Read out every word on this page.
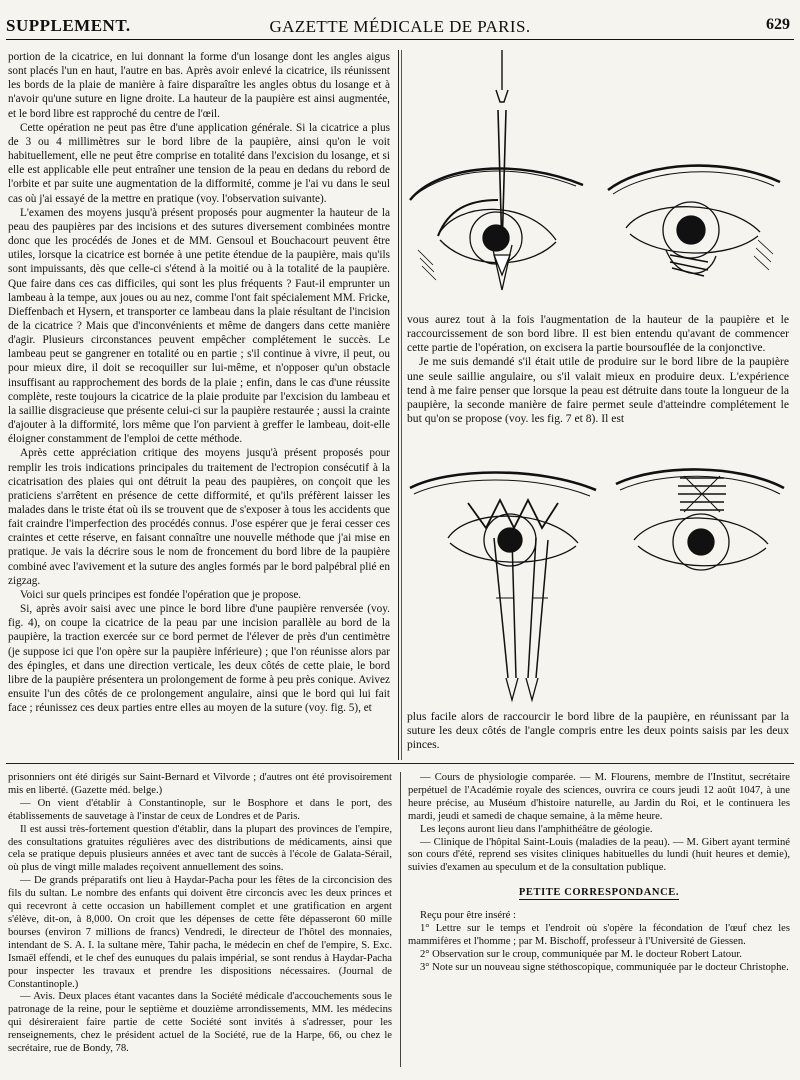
SUPPLEMENT.	GAZETTE MÉDICALE DE PARIS.	629

portion de la cicatrice, en lui donnant la forme d'un losange dont les angles aigus sont placés l'un en haut, l'autre en bas. Après avoir enlevé la cicatrice, ils réunissent les bords de la plaie de manière à faire disparaître les angles obtus du losange et à n'avoir qu'une suture en ligne droite. La hauteur de la paupière est ainsi augmentée, et le bord libre est rapproché du centre de l'œil.

Cette opération ne peut pas être d'une application générale. Si la cicatrice a plus de 3 ou 4 millimètres sur le bord libre de la paupière, ainsi qu'on le voit habituellement, elle ne peut être comprise en totalité dans l'excision du losange, et si elle est applicable elle peut entraîner une tension de la peau en dedans du rebord de l'orbite et par suite une augmentation de la difformité, comme je l'ai vu dans le seul cas où j'ai essayé de la mettre en pratique (voy. l'observation suivante).

L'examen des moyens jusqu'à présent proposés pour augmenter la hauteur de la peau des paupières par des incisions et des sutures diversement combinées montre donc que les procédés de Jones et de MM. Gensoul et Bouchacourt peuvent être utiles, lorsque la cicatrice est bornée à une petite étendue de la paupière, mais qu'ils sont impuissants, dès que celle-ci s'étend à la moitié ou à la totalité de la paupière. Que faire dans ces cas difficiles, qui sont les plus fréquents ? Faut-il emprunter un lambeau à la tempe, aux joues ou au nez, comme l'ont fait spécialement MM. Fricke, Dieffenbach et Hysern, et transporter ce lambeau dans la plaie résultant de l'incision de la cicatrice ? Mais que d'inconvénients et même de dangers dans cette manière d'agir. Plusieurs circonstances peuvent empêcher complétement le succès. Le lambeau peut se gangrener en totalité ou en partie ; s'il continue à vivre, il peut, ou pour mieux dire, il doit se recoquiller sur lui-même, et n'opposer qu'un obstacle insuffisant au rapprochement des bords de la plaie ; enfin, dans le cas d'une réussite complète, reste toujours la cicatrice de la plaie produite par l'excision du lambeau et la saillie disgracieuse que présente celui-ci sur la paupière restaurée ; aussi la crainte d'ajouter à la difformité, lors même que l'on parvient à greffer le lambeau, doit-elle éloigner constamment de l'emploi de cette méthode.

Après cette appréciation critique des moyens jusqu'à présent proposés pour remplir les trois indications principales du traitement de l'ectropion consécutif à la cicatrisation des plaies qui ont détruit la peau des paupières, on conçoit que les praticiens s'arrêtent en présence de cette difformité, et qu'ils préfèrent laisser les malades dans le triste état où ils se trouvent que de s'exposer à tous les accidents que fait craindre l'imperfection des procédés connus. J'ose espérer que je ferai cesser ces craintes et cette réserve, en faisant connaître une nouvelle méthode que j'ai mise en pratique. Je vais la décrire sous le nom de froncement du bord libre de la paupière combiné avec l'avivement et la suture des angles formés par le bord palpébral plié en zigzag.

Voici sur quels principes est fondée l'opération que je propose.

Si, après avoir saisi avec une pince le bord libre d'une paupière renversée (voy. fig. 4), on coupe la cicatrice de la peau par une incision parallèle au bord de la paupière, la traction exercée sur ce bord permet de l'élever de près d'un centimètre (je suppose ici que l'on opère sur la paupière inférieure) ; que l'on réunisse alors par des épingles, et dans une direction verticale, les deux côtés de cette plaie, le bord libre de la paupière présentera un prolongement de forme à peu près conique. Avivez ensuite l'un des côtés de ce prolongement angulaire, ainsi que le bord qui lui fait face ; réunissez ces deux parties entre elles au moyen de la suture (voy. fig. 5), et

vous aurez tout à la fois l'augmentation de la hauteur de la paupière et le raccourcissement de son bord libre. Il est bien entendu qu'avant de commencer cette partie de l'opération, on excisera la partie boursouflée de la conjonctive.

Je me suis demandé s'il était utile de produire sur le bord libre de la paupière une seule saillie angulaire, ou s'il valait mieux en produire deux. L'expérience tend à me faire penser que lorsque la peau est détruite dans toute la longueur de la paupière, la seconde manière de faire permet seule d'atteindre complétement le but qu'on se propose (voy. les fig. 7 et 8). Il est

plus facile alors de raccourcir le bord libre de la paupière, en réunissant par la suture les deux côtés de l'angle compris entre les deux points saisis par les deux pinces.

prisonniers ont été dirigés sur Saint-Bernard et Vilvorde ; d'autres ont été provisoirement mis en liberté. (Gazette méd. belge.)

— On vient d'établir à Constantinople, sur le Bosphore et dans le port, des établissements de sauvetage à l'instar de ceux de Londres et de Paris.

Il est aussi très-fortement question d'établir, dans la plupart des provinces de l'empire, des consultations gratuites régulières avec des distributions de médicaments, ainsi que cela se pratique depuis plusieurs années et avec tant de succès à l'école de Galata-Sérail, où plus de vingt mille malades reçoivent annuellement des soins.

— De grands préparatifs ont lieu à Haydar-Pacha pour les fêtes de la circoncision des fils du sultan. Le nombre des enfants qui doivent être circoncis avec les deux princes et qui recevront à cette occasion un habillement complet et une gratification en argent s'élève, dit-on, à 8,000. On croit que les dépenses de cette fête dépasseront 60 mille bourses (environ 7 millions de francs) Vendredi, le directeur de l'hôtel des monnaies, intendant de S. A. I. la sultane mère, Tahir pacha, le médecin en chef de l'empire, S. Exc. Ismaël effendi, et le chef des eunuques du palais impérial, se sont rendus à Haydar-Pacha pour inspecter les travaux et prendre les dispositions nécessaires. (Journal de Constantinople.)

— Avis. Deux places étant vacantes dans la Société médicale d'accouchements sous le patronage de la reine, pour le septième et douzième arrondissements, MM. les médecins qui désireraient faire partie de cette Société sont invités à s'adresser, pour les renseignements, chez le président actuel de la Société, rue de la Harpe, 66, ou chez le secrétaire, rue de Bondy, 78.

— Cours de physiologie comparée. — M. Flourens, membre de l'Institut, secrétaire perpétuel de l'Académie royale des sciences, ouvrira ce cours jeudi 12 août 1047, à une heure précise, au Muséum d'histoire naturelle, au Jardin du Roi, et le continuera les mardi, jeudi et samedi de chaque semaine, à la même heure.

Les leçons auront lieu dans l'amphithéâtre de géologie.

— Clinique de l'hôpital Saint-Louis (maladies de la peau). — M. Gibert ayant terminé son cours d'été, reprend ses visites cliniques habituelles du lundi (huit heures et demie), suivies d'examen au speculum et de la consultation publique.

PETITE CORRESPONDANCE.

Reçu pour être inséré :

1° Lettre sur le temps et l'endroit où s'opère la fécondation de l'œuf chez les mammifères et l'homme ; par M. Bischoff, professeur à l'Université de Giessen.

2° Observation sur le croup, communiquée par M. le docteur Robert Latour.

3° Note sur un nouveau signe stéthoscopique, communiquée par le docteur Christophe.
